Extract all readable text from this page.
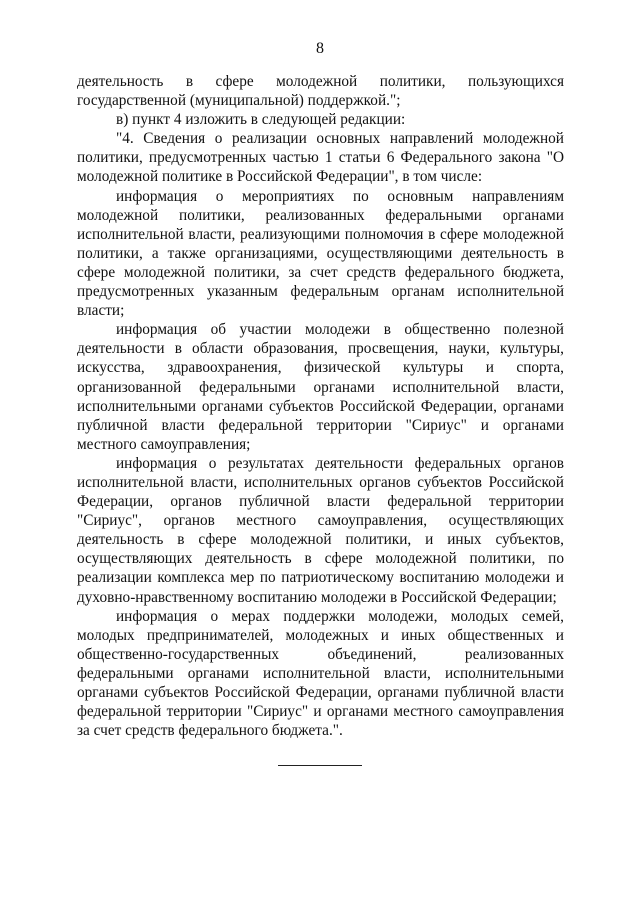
8

деятельность в сфере молодежной политики, пользующихся государственной (муниципальной) поддержкой.";

в) пункт 4 изложить в следующей редакции:

"4. Сведения о реализации основных направлений молодежной политики, предусмотренных частью 1 статьи 6 Федерального закона "О молодежной политике в Российской Федерации", в том числе:

информация о мероприятиях по основным направлениям молодежной политики, реализованных федеральными органами исполнительной власти, реализующими полномочия в сфере молодежной политики, а также организациями, осуществляющими деятельность в сфере молодежной политики, за счет средств федерального бюджета, предусмотренных указанным федеральным органам исполнительной власти;

информация об участии молодежи в общественно полезной деятельности в области образования, просвещения, науки, культуры, искусства, здравоохранения, физической культуры и спорта, организованной федеральными органами исполнительной власти, исполнительными органами субъектов Российской Федерации, органами публичной власти федеральной территории "Сириус" и органами местного самоуправления;

информация о результатах деятельности федеральных органов исполнительной власти, исполнительных органов субъектов Российской Федерации, органов публичной власти федеральной территории "Сириус", органов местного самоуправления, осуществляющих деятельность в сфере молодежной политики, и иных субъектов, осуществляющих деятельность в сфере молодежной политики, по реализации комплекса мер по патриотическому воспитанию молодежи и духовно-нравственному воспитанию молодежи в Российской Федерации;

информация о мерах поддержки молодежи, молодых семей, молодых предпринимателей, молодежных и иных общественных и общественно-государственных объединений, реализованных федеральными органами исполнительной власти, исполнительными органами субъектов Российской Федерации, органами публичной власти федеральной территории "Сириус" и органами местного самоуправления за счет средств федерального бюджета.".
